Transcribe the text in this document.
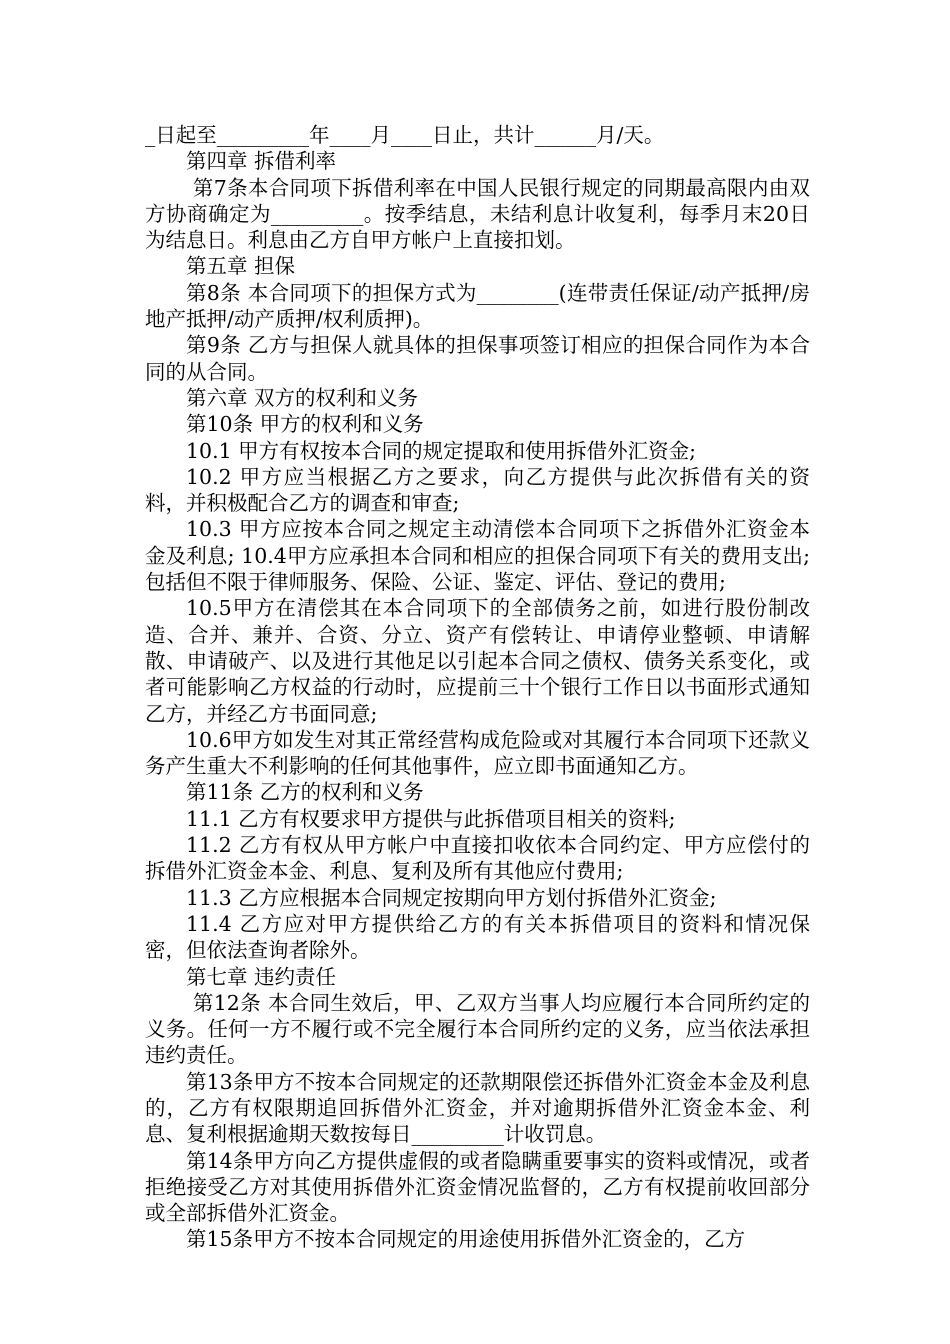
_日起至_________年____月____日止，共计______月/天。

第四章 拆借利率

第7条本合同项下拆借利率在中国人民银行规定的同期最高限内由双方协商确定为_________。按季结息，未结利息计收复利，每季月末20日为结息日。利息由乙方自甲方帐户上直接扣划。

第五章 担保

第8条 本合同项下的担保方式为________(连带责任保证/动产抵押/房地产抵押/动产质押/权利质押)。

第9条 乙方与担保人就具体的担保事项签订相应的担保合同作为本合同的从合同。

第六章 双方的权利和义务

第10条 甲方的权利和义务

10.1 甲方有权按本合同的规定提取和使用拆借外汇资金;

10.2 甲方应当根据乙方之要求，向乙方提供与此次拆借有关的资料，并积极配合乙方的调查和审查;

10.3 甲方应按本合同之规定主动清偿本合同项下之拆借外汇资金本金及利息; 10.4甲方应承担本合同和相应的担保合同项下有关的费用支出;包括但不限于律师服务、保险、公证、鉴定、评估、登记的费用;

10.5甲方在清偿其在本合同项下的全部债务之前，如进行股份制改造、合并、兼并、合资、分立、资产有偿转让、申请停业整顿、申请解散、申请破产、以及进行其他足以引起本合同之债权、债务关系变化，或者可能影响乙方权益的行动时，应提前三十个银行工作日以书面形式通知乙方，并经乙方书面同意;

10.6甲方如发生对其正常经营构成危险或对其履行本合同项下还款义务产生重大不利影响的任何其他事件，应立即书面通知乙方。

第11条 乙方的权利和义务

11.1 乙方有权要求甲方提供与此拆借项目相关的资料;

11.2 乙方有权从甲方帐户中直接扣收依本合同约定、甲方应偿付的拆借外汇资金本金、利息、复利及所有其他应付费用;

11.3 乙方应根据本合同规定按期向甲方划付拆借外汇资金;

11.4 乙方应对甲方提供给乙方的有关本拆借项目的资料和情况保密，但依法查询者除外。

第七章 违约责任

第12条 本合同生效后，甲、乙双方当事人均应履行本合同所约定的义务。任何一方不履行或不完全履行本合同所约定的义务，应当依法承担违约责任。

第13条甲方不按本合同规定的还款期限偿还拆借外汇资金本金及利息的，乙方有权限期追回拆借外汇资金，并对逾期拆借外汇资金本金、利息、复利根据逾期天数按每日_________计收罚息。

第14条甲方向乙方提供虚假的或者隐瞒重要事实的资料或情况，或者拒绝接受乙方对其使用拆借外汇资金情况监督的，乙方有权提前收回部分或全部拆借外汇资金。

第15条甲方不按本合同规定的用途使用拆借外汇资金的，乙方
